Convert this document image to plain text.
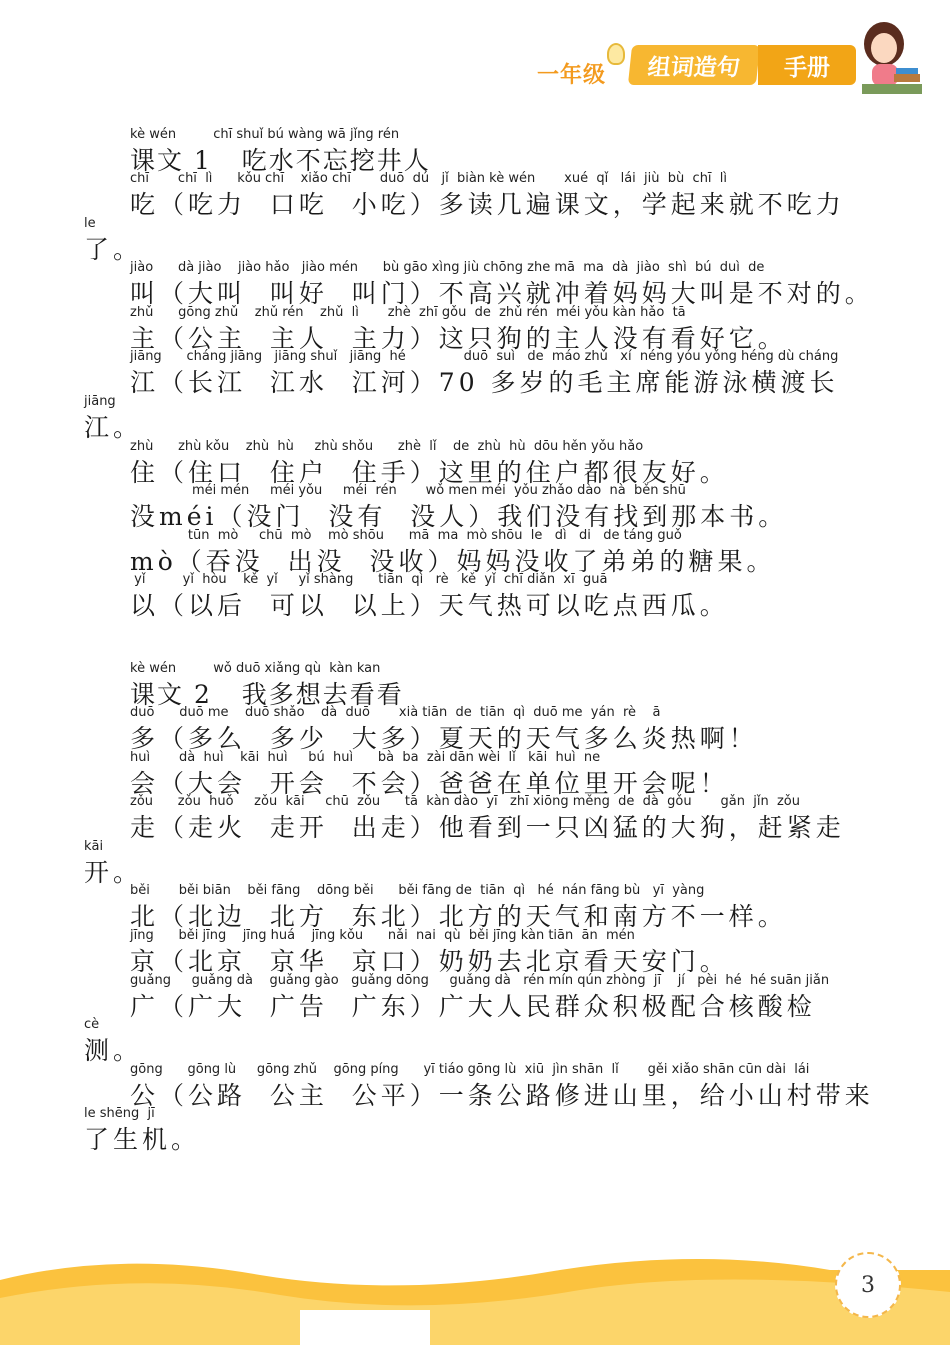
一年级	组词造句	手册
kè wén         chī shuǐ bú wàng wā jǐng rén
课文 1   吃水不忘挖井人
chī       chī  lì      kǒu chī    xiǎo chī       duō  dú   jǐ  biàn kè wén       xué  qǐ   lái  jiù  bù  chī  lì
吃（吃力  口吃  小吃）多读几遍课文，学起来就不吃力
le
了。
jiào      dà jiào    jiào hǎo   jiào mén      bù gāo xìng jiù chōng zhe mā  ma  dà  jiào  shì  bú  duì  de
叫（大叫  叫好  叫门）不高兴就冲着妈妈大叫是不对的。
zhǔ      gōng zhǔ    zhǔ rén    zhǔ  lì       zhè  zhī gǒu  de  zhǔ rén  méi yǒu kàn hǎo  tā
主（公主  主人  主力）这只狗的主人没有看好它。
jiāng      cháng jiāng   jiāng shuǐ   jiāng  hé              duō  suì   de  máo zhǔ   xí  néng yóu yǒng héng dù cháng
江（长江  江水  江河）70 多岁的毛主席能游泳横渡长
jiāng
江。
zhù      zhù kǒu    zhù  hù     zhù shǒu      zhè  lǐ    de  zhù  hù  dōu hěn yǒu hǎo
住（住口  住户  住手）这里的住户都很友好。
méi mén     méi yǒu     méi  rén       wǒ men méi  yǒu zhǎo dào  nà  běn shū
没méi（没门  没有  没人）我们没有找到那本书。
tūn  mò     chū  mò    mò shōu      mā  ma  mò shōu  le   dì   di   de táng guǒ
mò（吞没  出没  没收）妈妈没收了弟弟的糖果。
yǐ         yǐ  hòu    kě  yǐ     yǐ shàng      tiān  qì   rè   kě  yǐ  chī diǎn  xī  guā
以（以后  可以  以上）天气热可以吃点西瓜。
kè wén         wǒ duō xiǎng qù  kàn kan
课文 2   我多想去看看
duō      duō me    duō shǎo    dà  duō       xià tiān  de  tiān  qì  duō me  yán  rè    ā
多（多么  多少  大多）夏天的天气多么炎热啊！
huì       dà  huì    kāi  huì     bú  huì      bà  ba  zài dān wèi  lǐ   kāi  huì  ne
会（大会  开会  不会）爸爸在单位里开会呢！
zǒu      zǒu  huǒ     zǒu  kāi     chū  zǒu      tā  kàn dào  yī   zhī xiōng měng  de  dà  gǒu       gǎn  jǐn  zǒu
走（走火  走开  出走）他看到一只凶猛的大狗，赶紧走
kāi
开。
běi       běi biān    běi fāng    dōng běi      běi fāng de  tiān  qì   hé  nán fāng bù   yī  yàng
北（北边  北方  东北）北方的天气和南方不一样。
jīng      běi jīng    jīng huá    jīng kǒu      nǎi  nai  qù  běi jīng kàn tiān  ān  mén
京（北京  京华  京口）奶奶去北京看天安门。
guǎng     guǎng dà    guǎng gào   guǎng dōng     guǎng dà   rén mín qún zhòng  jī    jí   pèi  hé  hé suān jiǎn
广（广大  广告  广东）广大人民群众积极配合核酸检
cè
测。
gōng      gōng lù     gōng zhǔ    gōng píng      yī tiáo gōng lù  xiū  jìn shān  lǐ       gěi xiǎo shān cūn dài  lái
公（公路  公主  公平）一条公路修进山里，给小山村带来
le shēng  jī
了生机。
3
